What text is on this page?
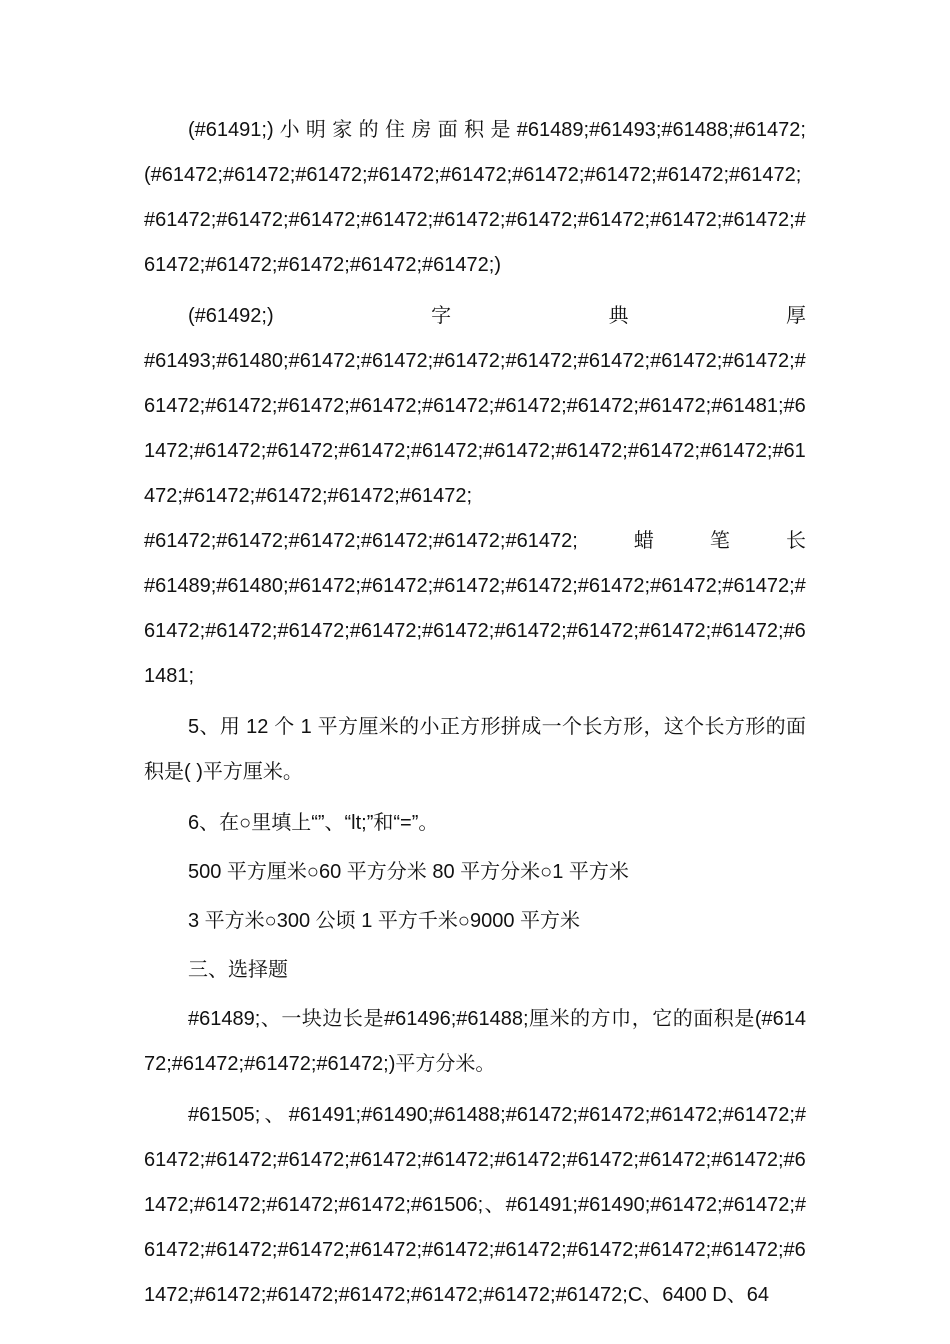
(#61491;) 小 明 家 的 住 房 面 积 是 #61489;#61493;#61488;#61472;(#61472;#61472;#61472;#61472;#61472;#61472;#61472;#61472;#61472;#61472;#61472;#61472;#61472;#61472;#61472;#61472;#61472;#61472;#61472;#61472;#61472;#61472;#61472;)

(#61492;)	字	典	厚

#61493;#61480;#61472;#61472;#61472;#61472;#61472;#61472;#61472;#61472;#61472;#61472;#61472;#61472;#61472;#61472;#61472;#61481;#61472;#61472;#61472;#61472;#61472;#61472;#61472;#61472;#61472;#61472;#61472;#61472;#61472;#61472;

#61472;#61472;#61472;#61472;#61472;#61472;	蜡	笔	长

#61489;#61480;#61472;#61472;#61472;#61472;#61472;#61472;#61472;#61472;#61472;#61472;#61472;#61472;#61472;#61472;#61472;#61472;#61481;

5、用 12 个 1 平方厘米的小正方形拼成一个长方形，这个长方形的面积是( )平方厘米。

6、在○里填上“”、“lt;”和“=”。

500 平方厘米○60 平方分米 80 平方分米○1 平方米

3 平方米○300 公顷 1 平方千米○9000 平方米

三、选择题

#61489;、一块边长是#61496;#61488;厘米的方巾，它的面积是(#61472;#61472;#61472;#61472;)平方分米。

#61505;、#61491;#61490;#61488;#61472;#61472;#61472;#61472;#61472;#61472;#61472;#61472;#61472;#61472;#61472;#61472;#61472;#61472;#61472;#61472;#61472;#61506;、#61491;#61490;#61472;#61472;#61472;#61472;#61472;#61472;#61472;#61472;#61472;#61472;#61472;#61472;#61472;#61472;#61472;#61472;#61472;#61472;C、6400 D、64
